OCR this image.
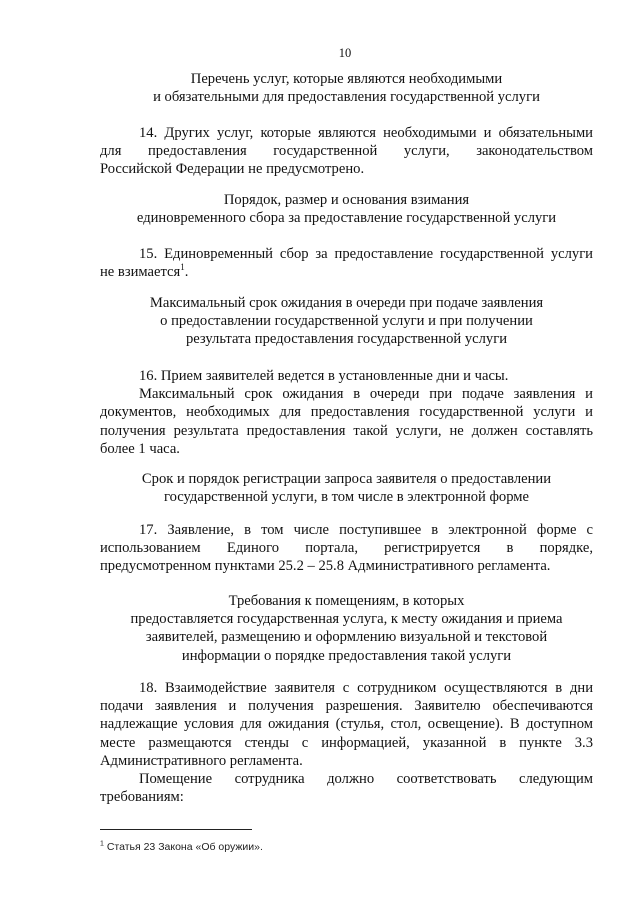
10
Перечень услуг, которые являются необходимыми
и обязательными для предоставления государственной услуги
14. Других услуг, которые являются необходимыми и обязательными
для предоставления государственной услуги, законодательством
Российской Федерации не предусмотрено.
Порядок, размер и основания взимания
единовременного сбора за предоставление государственной услуги
15. Единовременный сбор за предоставление государственной услуги
не взимается$^1$.
Максимальный срок ожидания в очереди при подаче заявления
о предоставлении государственной услуги и при получении
результата предоставления государственной услуги
16. Прием заявителей ведется в установленные дни и часы.
Максимальный срок ожидания в очереди при подаче заявления и
документов, необходимых для предоставления государственной услуги и
получения результата предоставления такой услуги, не должен составлять
более 1 часа.
Срок и порядок регистрации запроса заявителя о предоставлении
государственной услуги, в том числе в электронной форме
17. Заявление, в том числе поступившее в электронной форме с
использованием Единого портала, регистрируется в порядке,
предусмотренном пунктами 25.2 – 25.8 Административного регламента.
Требования к помещениям, в которых
предоставляется государственная услуга, к месту ожидания и приема
заявителей, размещению и оформлению визуальной и текстовой
информации о порядке предоставления такой услуги
18. Взаимодействие заявителя с сотрудником осуществляются в дни
подачи заявления и получения разрешения. Заявителю обеспечиваются
надлежащие условия для ожидания (стулья, стол, освещение). В доступном
месте размещаются стенды с информацией, указанной в пункте 3.3
Административного регламента.
Помещение сотрудника должно соответствовать следующим
требованиям:
$^1$ Статья 23 Закона «Об оружии».
